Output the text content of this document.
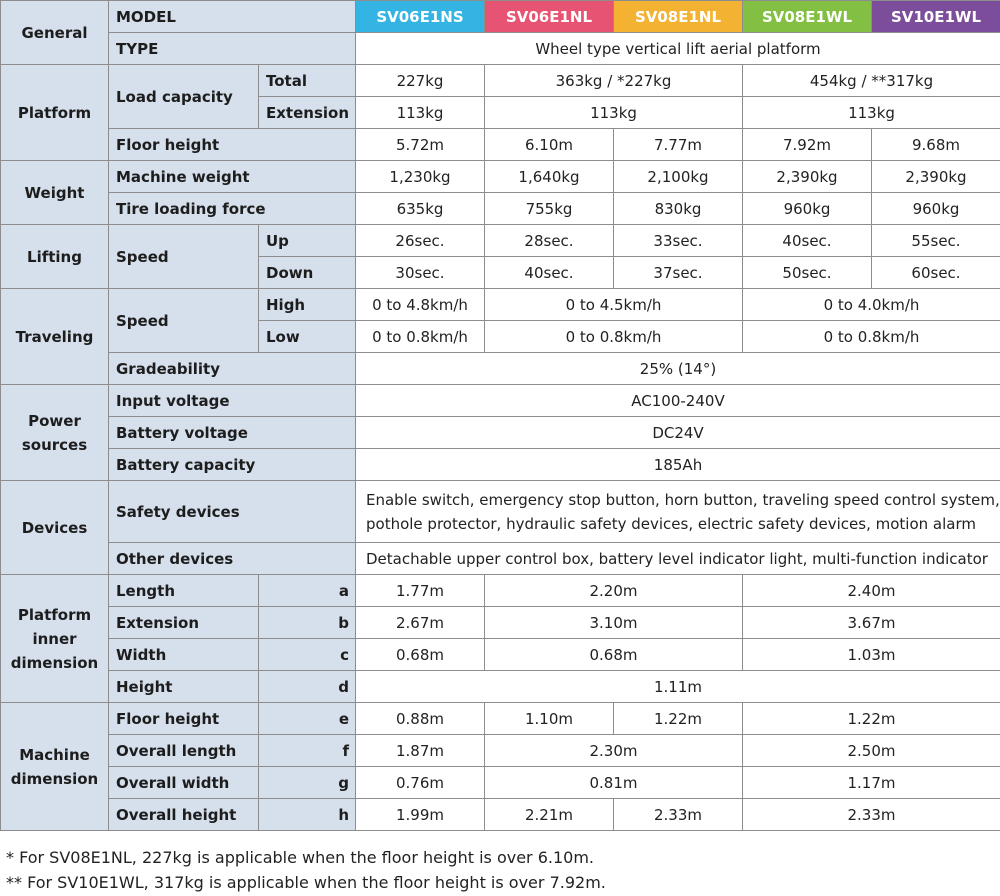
General	MODEL		SV06E1NS	SV06E1NL	SV08E1NL	SV08E1WL	SV10E1WL
	TYPE		Wheel type vertical lift aerial platform				
Platform	Load capacity	Total	227kg	363kg / *227kg		454kg / **317kg	
		Extension	113kg	113kg		113kg	
	Floor height		5.72m	6.10m	7.77m	7.92m	9.68m
Weight	Machine weight		1,230kg	1,640kg	2,100kg	2,390kg	2,390kg
	Tire loading force		635kg	755kg	830kg	960kg	960kg
Lifting	Speed	Up	26sec.	28sec.	33sec.	40sec.	55sec.
		Down	30sec.	40sec.	37sec.	50sec.	60sec.
Traveling	Speed	High	0 to 4.8km/h	0 to 4.5km/h		0 to 4.0km/h	
		Low	0 to 0.8km/h	0 to 0.8km/h		0 to 0.8km/h	
	Gradeability		25% (14°)				
Power sources	Input voltage		AC100-240V				
	Battery voltage		DC24V				
	Battery capacity		185Ah				
Devices	Safety devices		Enable switch, emergency stop button, horn button, traveling speed control system,
pothole protector, hydraulic safety devices, electric safety devices, motion alarm				

	Other devices		Detachable upper control box, battery level indicator light, multi-function indicator				
Platform inner dimension	Length	a	1.77m	2.20m		2.40m	
	Extension	b	2.67m	3.10m		3.67m	
	Width	c	0.68m	0.68m		1.03m	
	Height	d	1.11m				
Machine dimension	Floor height	e	0.88m	1.10m	1.22m	1.22m	
	Overall length	f	1.87m	2.30m		2.50m	
	Overall width	g	0.76m	0.81m		1.17m	
	Overall height	h	1.99m	2.21m	2.33m	2.33m	
* For SV08E1NL, 227kg is applicable when the floor height is over 6.10m.
** For SV10E1WL, 317kg is applicable when the floor height is over 7.92m.
